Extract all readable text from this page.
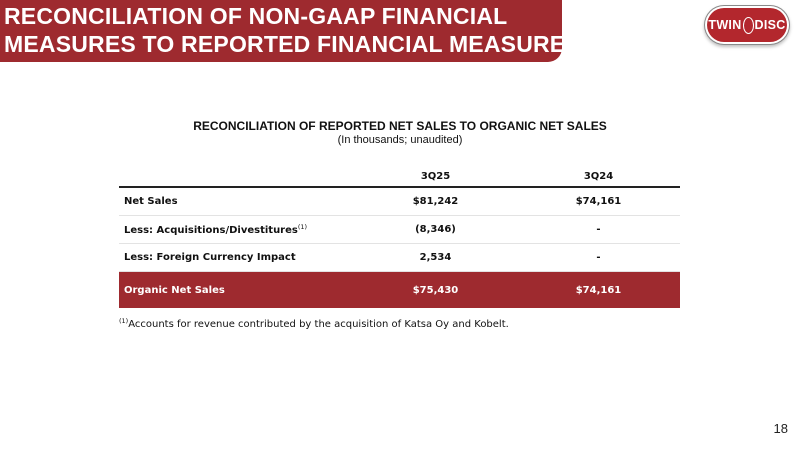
RECONCILIATION OF NON-GAAP FINANCIAL
MEASURES TO REPORTED FINANCIAL MEASURES
TWIN DISC
RECONCILIATION OF REPORTED NET SALES TO ORGANIC NET SALES
(In thousands; unaudited)
	3Q25	3Q24
Net Sales	$81,242	$74,161
Less: Acquisitions/Divestitures$^{(1)}$	(8,346)	-
Less: Foreign Currency Impact	2,534	-
Organic Net Sales	$75,430	$74,161
$^{(1)}$Accounts for revenue contributed by the acquisition of Katsa Oy and Kobelt.
18
